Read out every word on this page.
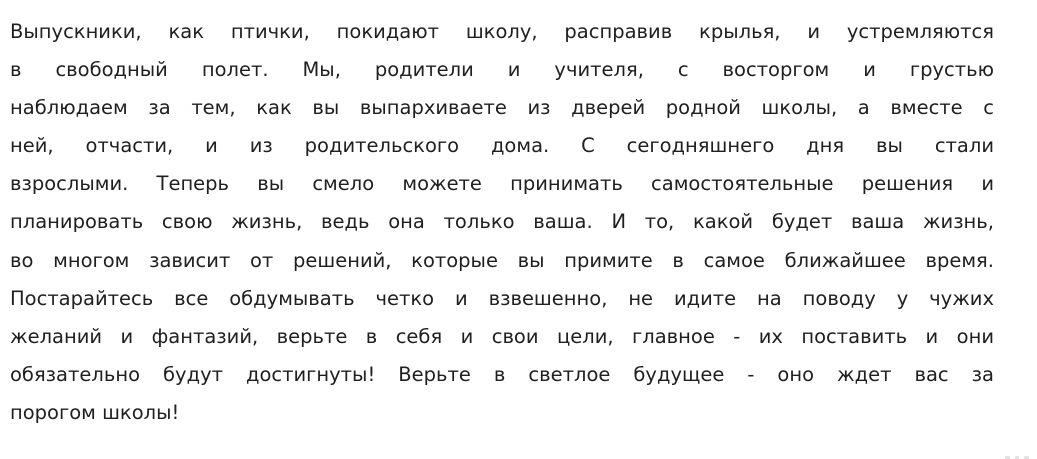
Выпускники, как птички, покидают школу, расправив крылья, и устремляются
в свободный полет. Мы, родители и учителя, с восторгом и грустью
наблюдаем за тем, как вы выпархиваете из дверей родной школы, а вместе с
ней, отчасти, и из родительского дома. С сегодняшнего дня вы стали
взрослыми. Теперь вы смело можете принимать самостоятельные решения и
планировать свою жизнь, ведь она только ваша. И то, какой будет ваша жизнь,
во многом зависит от решений, которые вы примите в самое ближайшее время.
Постарайтесь все обдумывать четко и взвешенно, не идите на поводу у чужих
желаний и фантазий, верьте в себя и свои цели, главное - их поставить и они
обязательно будут достигнуты! Верьте в светлое будущее - оно ждет вас за
порогом школы!
